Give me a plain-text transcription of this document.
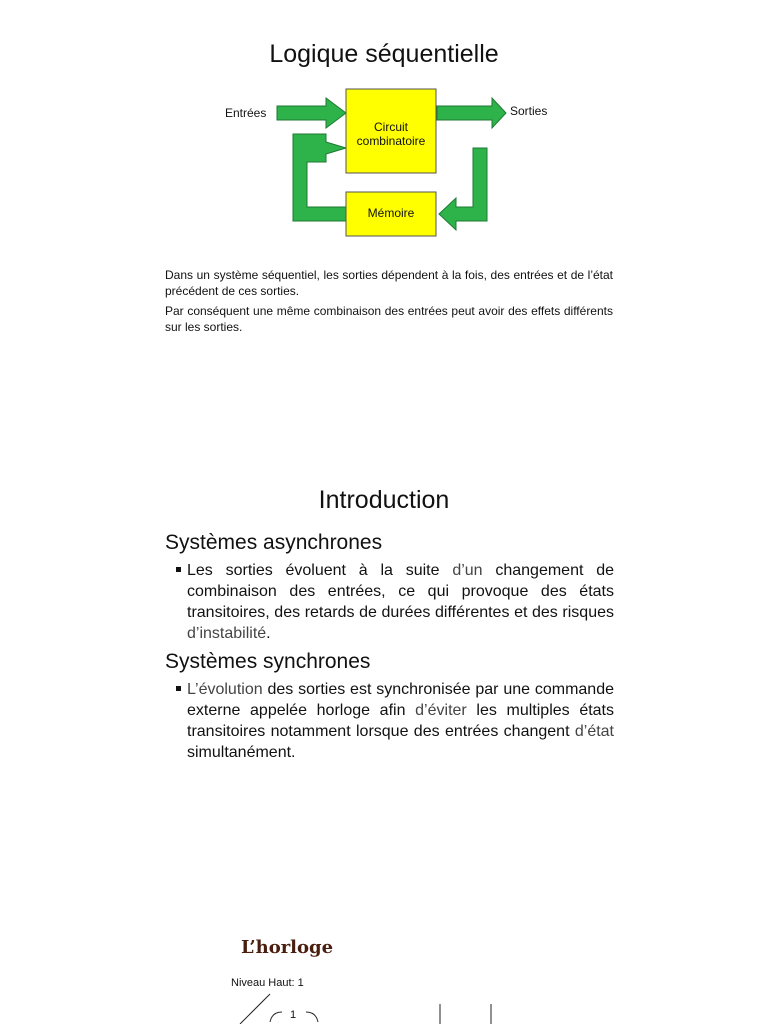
Logique séquentielle
Entrées	Sorties
Circuit
combinatoire
Mémoire
Dans un système séquentiel, les sorties dépendent à la fois, des entrées et de l’état précédent de ces sorties.
Par conséquent une même combinaison des entrées peut avoir des effets différents sur les sorties.
Introduction
Systèmes asynchrones
Les sorties évoluent à la suite d’un changement de combinaison des entrées, ce qui provoque des états transitoires, des retards de durées différentes et des risques d’instabilité.
Systèmes synchrones
L’évolution des sorties est synchronisée par une commande externe appelée horloge afin d’éviter les multiples états transitoires notamment lorsque des entrées changent d’état simultanément.
L’horloge
Niveau Haut: 1
1
